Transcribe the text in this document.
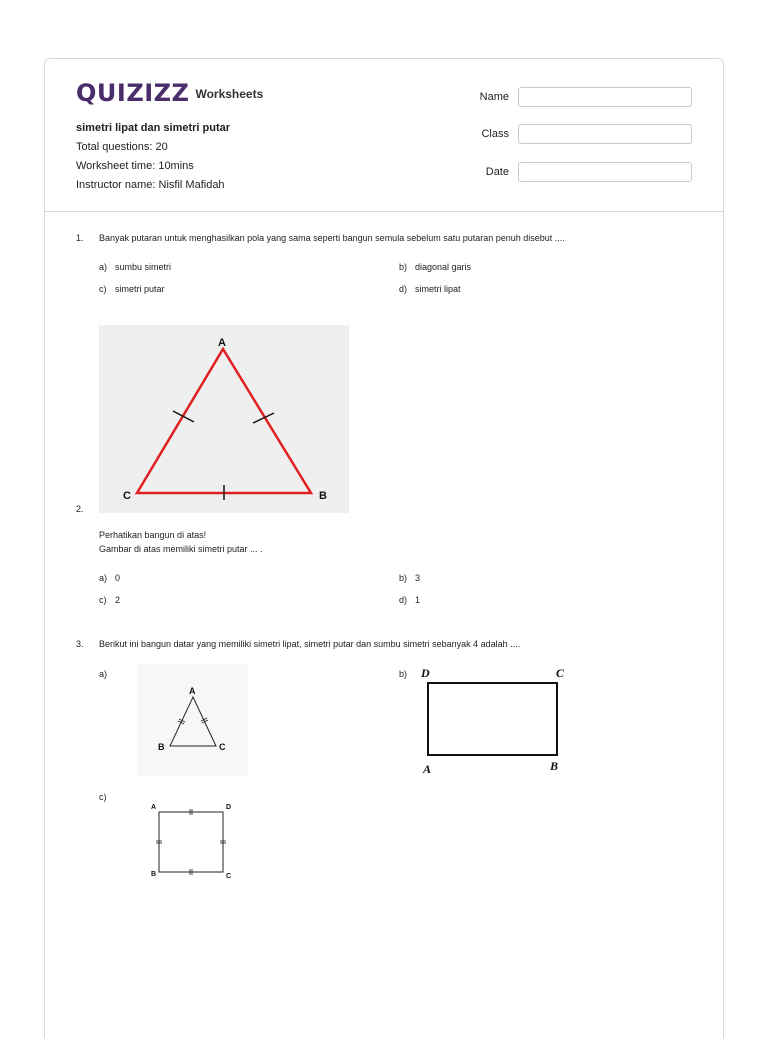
QUIZIZZ Worksheets
simetri lipat dan simetri putar
Total questions: 20
Worksheet time: 10mins
Instructor name: Nisfil Mafidah
Name
Class
Date
1. Banyak putaran untuk menghasilkan pola yang sama seperti bangun semula sebelum satu putaran penuh disebut ....
a) sumbu simetri	b) diagonal garis
c) simetri putar	d) simetri lipat
A
B
C
2.
Perhatikan bangun di atas!
Gambar di atas memiliki simetri putar ... .
a) 0	b) 3
c) 2	d) 1
3. Berikut ini bangun datar yang memiliki simetri lipat, simetri putar dan sumbu simetri sebanyak 4 adalah ....
a)
A
C
B
b)	D	C
A	B
c)
A	D
B	C
